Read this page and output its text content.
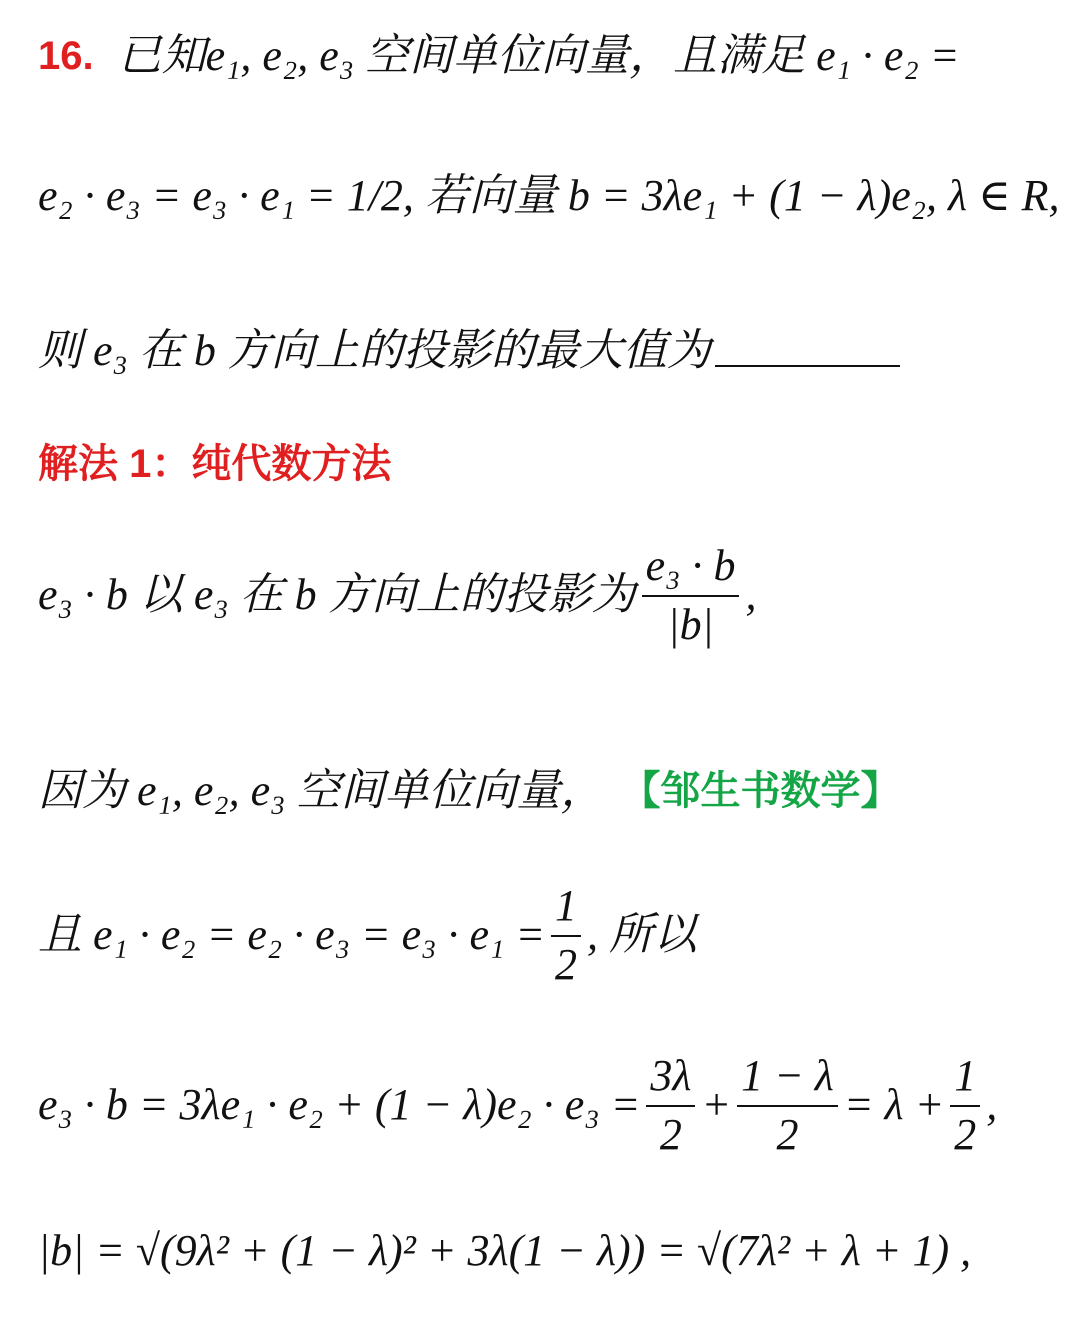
16. 已知e₁, e₂, e₃ 空间单位向量，且满足 e₁ · e₂ =
e₂ · e₃ = e₃ · e₁ = 1/2, 若向量 b = 3λe₁ + (1 − λ)e₂, λ ∈ R,
则 e₃ 在 b 方向上的投影的最大值为
解法 1：纯代数方法
e₃ · b 以 e₃ 在 b 方向上的投影为 $\frac{\text{e₃ · b}}{|b|}$ ,
因为 e₁, e₂, e₃ 空间单位向量， 【邹生书数学】
且 $e_1 \cdot e_2 = e_2 \cdot e_3 = e_3 \cdot e_1 = \frac{1}{2}$ , 所以
$e_3 \cdot b = 3\lambda e_1 \cdot e_2 + (1 - \lambda)e_2 \cdot e_3 = \frac{3\lambda}{2} + \frac{1 - \lambda}{2} = \lambda + \frac{1}{2}$ ,
|b| = √(9λ² + (1 − λ)² + 3λ(1 − λ)) = √(7λ² + λ + 1) ,
